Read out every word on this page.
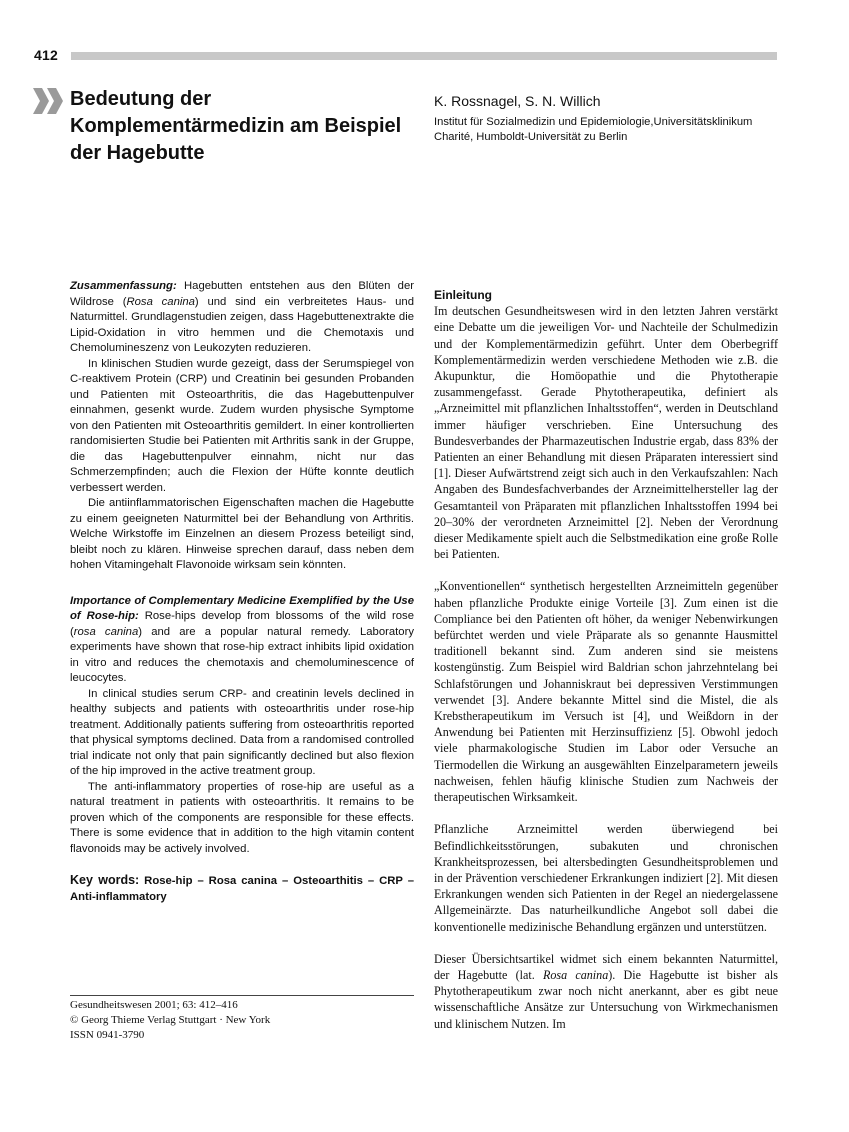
412
Bedeutung der Komplementärmedizin am Beispiel der Hagebutte
K. Rossnagel, S. N. Willich
Institut für Sozialmedizin und Epidemiologie,Universitätsklinikum Charité, Humboldt-Universität zu Berlin

Zusammenfassung: Hagebutten entstehen aus den Blüten der Wildrose (Rosa canina) und sind ein verbreitetes Haus- und Naturmittel. Grundlagenstudien zeigen, dass Hagebuttenextrakte die Lipid-Oxidation in vitro hemmen und die Chemotaxis und Chemolumineszenz von Leukozyten reduzieren.

In klinischen Studien wurde gezeigt, dass der Serumspiegel von C-reaktivem Protein (CRP) und Creatinin bei gesunden Probanden und Patienten mit Osteoarthritis, die das Hagebuttenpulver einnahmen, gesenkt wurde. Zudem wurden physische Symptome von den Patienten mit Osteoarthritis gemildert. In einer kontrollierten randomisierten Studie bei Patienten mit Arthritis sank in der Gruppe, die das Hagebuttenpulver einnahm, nicht nur das Schmerzempfinden; auch die Flexion der Hüfte konnte deutlich verbessert werden.

Die antiinflammatorischen Eigenschaften machen die Hagebutte zu einem geeigneten Naturmittel bei der Behandlung von Arthritis. Welche Wirkstoffe im Einzelnen an diesem Prozess beteiligt sind, bleibt noch zu klären. Hinweise sprechen darauf, dass neben dem hohen Vitamingehalt Flavonoide wirksam sein könnten.

Importance of Complementary Medicine Exemplified by the Use of Rose-hip: Rose-hips develop from blossoms of the wild rose (rosa canina) and are a popular natural remedy. Laboratory experiments have shown that rose-hip extract inhibits lipid oxidation in vitro and reduces the chemotaxis and chemoluminescence of leucocytes.

In clinical studies serum CRP- and creatinin levels declined in healthy subjects and patients with osteoarthritis under rose-hip treatment. Additionally patients suffering from osteoarthritis reported that physical symptoms declined. Data from a randomised controlled trial indicate not only that pain significantly declined but also flexion of the hip improved in the active treatment group.

The anti-inflammatory properties of rose-hip are useful as a natural treatment in patients with osteoarthritis. It remains to be proven which of the components are responsible for these effects. There is some evidence that in addition to the high vitamin content flavonoids may be actively involved.

Key words: Rose-hip – Rosa canina – Osteoarthitis – CRP – Anti-inflammatory

Gesundheitswesen 2001; 63: 412–416
© Georg Thieme Verlag Stuttgart · New York
ISSN 0941-3790

Einleitung

Im deutschen Gesundheitswesen wird in den letzten Jahren verstärkt eine Debatte um die jeweiligen Vor- und Nachteile der Schulmedizin und der Komplementärmedizin geführt. Unter dem Oberbegriff Komplementärmedizin werden verschiedene Methoden wie z.B. die Akupunktur, die Homöopathie und die Phytotherapie zusammengefasst. Gerade Phytotherapeutika, definiert als „Arzneimittel mit pflanzlichen Inhaltsstoffen“, werden in Deutschland immer häufiger verschrieben. Eine Untersuchung des Bundesverbandes der Pharmazeutischen Industrie ergab, dass 83% der Patienten an einer Behandlung mit diesen Präparaten interessiert sind [1]. Dieser Aufwärtstrend zeigt sich auch in den Verkaufszahlen: Nach Angaben des Bundesfachverbandes der Arzneimittelhersteller lag der Gesamtanteil von Präparaten mit pflanzlichen Inhaltsstoffen 1994 bei 20–30% der verordneten Arzneimittel [2]. Neben der Verordnung dieser Medikamente spielt auch die Selbstmedikation eine große Rolle bei Patienten.

„Konventionellen“ synthetisch hergestellten Arzneimitteln gegenüber haben pflanzliche Produkte einige Vorteile [3]. Zum einen ist die Compliance bei den Patienten oft höher, da weniger Nebenwirkungen befürchtet werden und viele Präparate als so genannte Hausmittel traditionell bekannt sind. Zum anderen sind sie meistens kostengünstig. Zum Beispiel wird Baldrian schon jahrzehntelang bei Schlafstörungen und Johanniskraut bei depressiven Verstimmungen verwendet [3]. Andere bekannte Mittel sind die Mistel, die als Krebstherapeutikum im Versuch ist [4], und Weißdorn in der Anwendung bei Patienten mit Herzinsuffizienz [5]. Obwohl jedoch viele pharmakologische Studien im Labor oder Versuche an Tiermodellen die Wirkung an ausgewählten Einzelparametern jeweils nachweisen, fehlen häufig klinische Studien zum Nachweis der therapeutischen Wirksamkeit.

Pflanzliche Arzneimittel werden überwiegend bei Befindlichkeitsstörungen, subakuten und chronischen Krankheitsprozessen, bei altersbedingten Gesundheitsproblemen und in der Prävention verschiedener Erkrankungen indiziert [2]. Mit diesen Erkrankungen wenden sich Patienten in der Regel an niedergelassene Allgemeinärzte. Das naturheilkundliche Angebot soll dabei die konventionelle medizinische Behandlung ergänzen und unterstützen.

Dieser Übersichtsartikel widmet sich einem bekannten Naturmittel, der Hagebutte (lat. Rosa canina). Die Hagebutte ist bisher als Phytotherapeutikum zwar noch nicht anerkannt, aber es gibt neue wissenschaftliche Ansätze zur Untersuchung von Wirkmechanismen und klinischem Nutzen. Im
